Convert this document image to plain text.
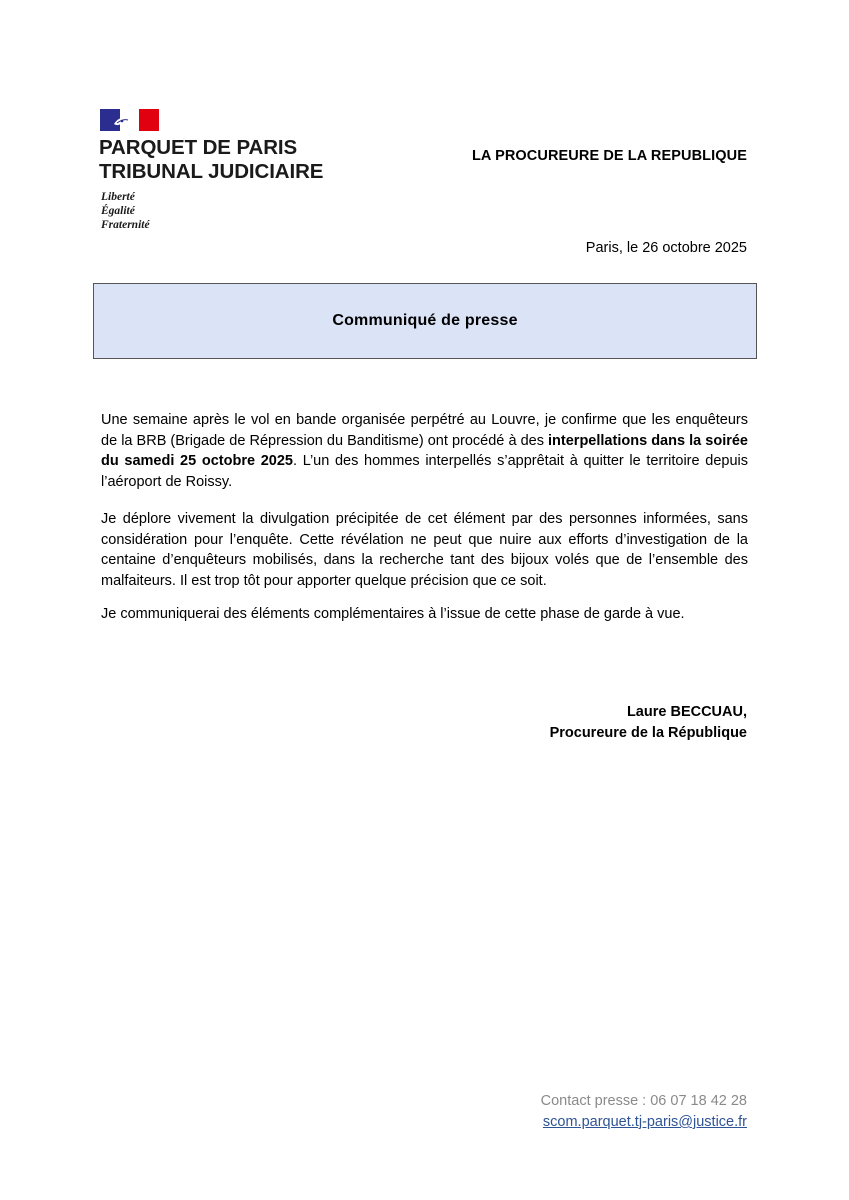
PARQUET DE PARIS
TRIBUNAL JUDICIAIRE
Liberté
Égalité
Fraternité
LA PROCUREURE DE LA REPUBLIQUE
Paris, le 26 octobre 2025
Communiqué de presse
Une semaine après le vol en bande organisée perpétré au Louvre, je confirme que les enquêteurs de la BRB (Brigade de Répression du Banditisme) ont procédé à des interpellations dans la soirée du samedi 25 octobre 2025. L’un des hommes interpellés s’apprêtait à quitter le territoire depuis l’aéroport de Roissy.
Je déplore vivement la divulgation précipitée de cet élément par des personnes informées, sans considération pour l’enquête. Cette révélation ne peut que nuire aux efforts d’investigation de la centaine d’enquêteurs mobilisés, dans la recherche tant des bijoux volés que de l’ensemble des malfaiteurs. Il est trop tôt pour apporter quelque précision que ce soit.
Je communiquerai des éléments complémentaires à l’issue de cette phase de garde à vue.
Laure BECCUAU,
Procureure de la République
Contact presse : 06 07 18 42 28
scom.parquet.tj-paris@justice.fr
